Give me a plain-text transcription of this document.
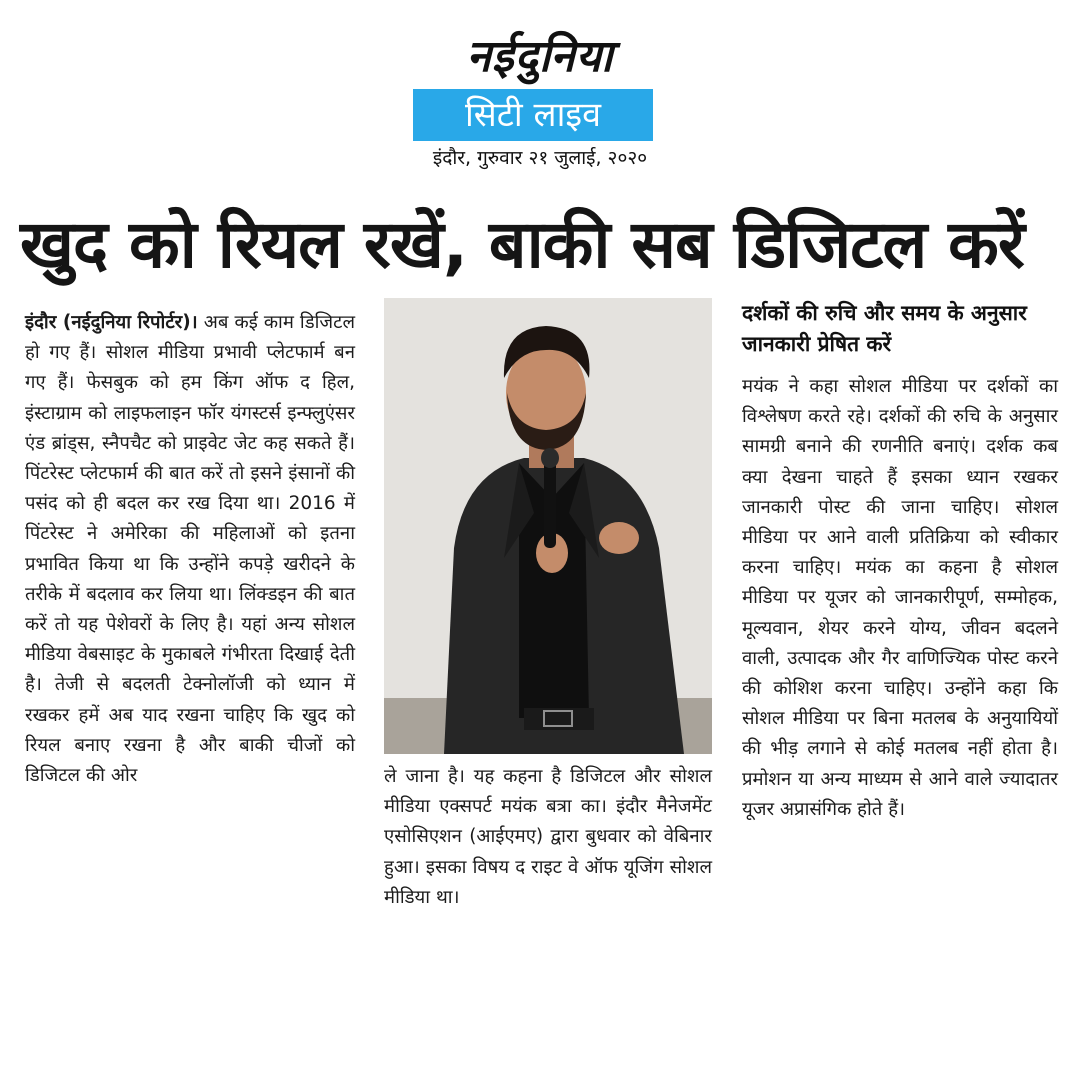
नईदुनिया
सिटी लाइव
इंदौर, गुरुवार २१ जुलाई, २०२०
खुद को रियल रखें, बाकी सब डिजिटल करें
इंदौर (नईदुनिया रिपोर्टर)। अब कई काम डिजिटल हो गए हैं। सोशल मीडिया प्रभावी प्लेटफार्म बन गए हैं। फेसबुक को हम किंग ऑफ द हिल, इंस्टाग्राम को लाइफलाइन फॉर यंगस्टर्स इन्फ्लुएंसर एंड ब्रांड्स, स्नैपचैट को प्राइवेट जेट कह सकते हैं। पिंटरेस्ट प्लेटफार्म की बात करें तो इसने इंसानों की पसंद को ही बदल कर रख दिया था। 2016 में पिंटरेस्ट ने अमेरिका की महिलाओं को इतना प्रभावित किया था कि उन्होंने कपड़े खरीदने के तरीके में बदलाव कर लिया था। लिंक्डइन की बात करें तो यह पेशेवरों के लिए है। यहां अन्य सोशल मीडिया वेबसाइट के मुकाबले गंभीरता दिखाई देती है। तेजी से बदलती टेक्नोलॉजी को ध्यान में रखकर हमें अब याद रखना चाहिए कि खुद को रियल बनाए रखना है और बाकी चीजों को डिजिटल की ओर	ले जाना है। यह कहना है डिजिटल और सोशल मीडिया एक्सपर्ट मयंक बत्रा का। इंदौर मैनेजमेंट एसोसिएशन (आईएमए) द्वारा बुधवार को वेबिनार हुआ। इसका विषय द राइट वे ऑफ यूजिंग सोशल मीडिया था।
दर्शकों की रुचि और समय के अनुसार जानकारी प्रेषित करें
मयंक ने कहा सोशल मीडिया पर दर्शकों का विश्लेषण करते रहे। दर्शकों की रुचि के अनुसार सामग्री बनाने की रणनीति बनाएं। दर्शक कब क्या देखना चाहते हैं इसका ध्यान रखकर जानकारी पोस्ट की जाना चाहिए। सोशल मीडिया पर आने वाली प्रतिक्रिया को स्वीकार करना चाहिए। मयंक का कहना है सोशल मीडिया पर यूजर को जानकारीपूर्ण, सम्मोहक, मूल्यवान, शेयर करने योग्य, जीवन बदलने वाली, उत्पादक और गैर वाणिज्यिक पोस्ट करने की कोशिश करना चाहिए। उन्होंने कहा कि सोशल मीडिया पर बिना मतलब के अनुयायियों की भीड़ लगाने से कोई मतलब नहीं होता है। प्रमोशन या अन्य माध्यम से आने वाले ज्यादातर यूजर अप्रासंगिक होते हैं।
